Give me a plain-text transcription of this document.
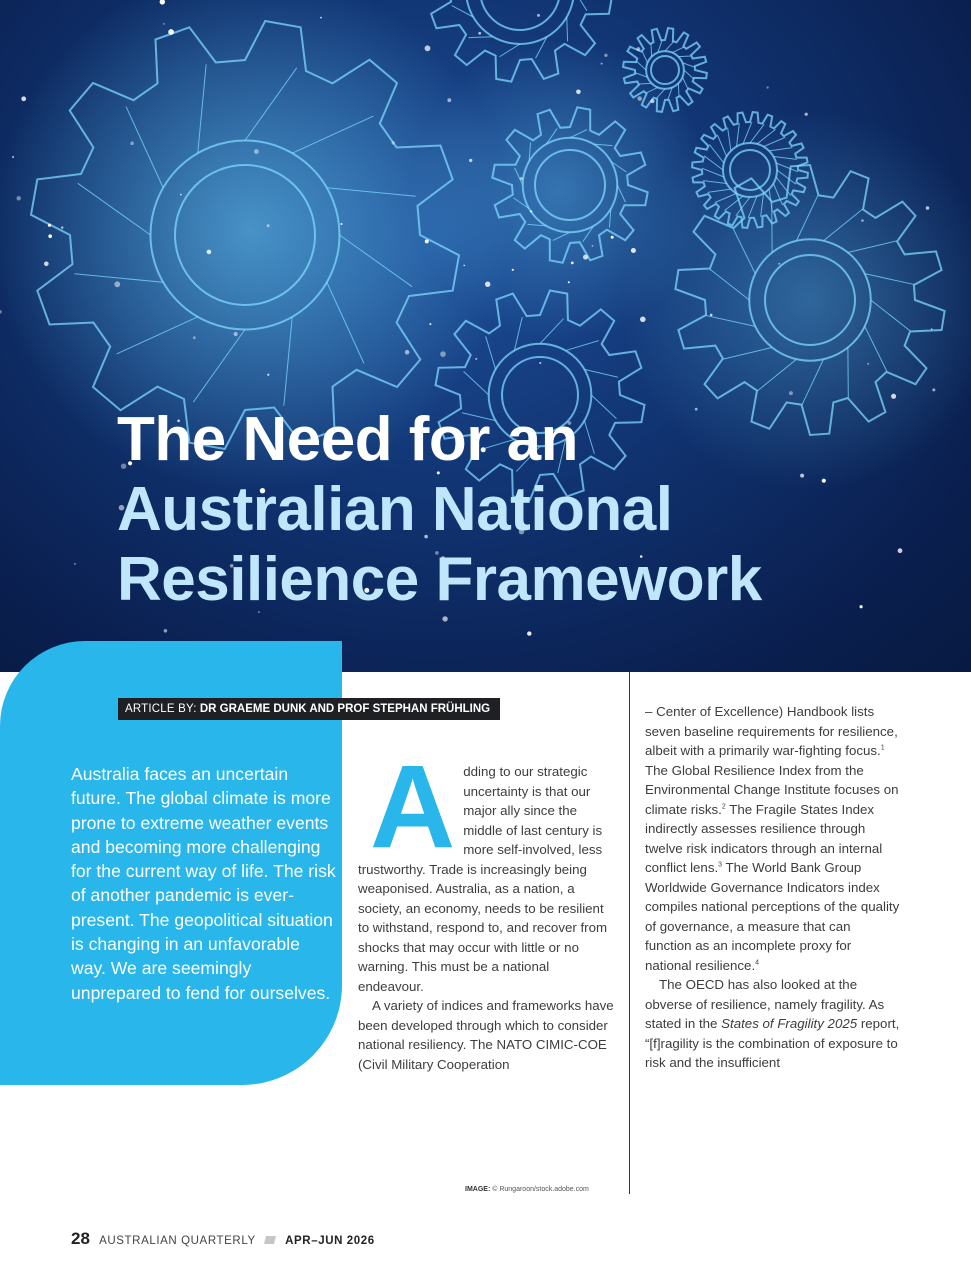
The Need for an
Australian National
Resilience Framework
ARTICLE BY: DR GRAEME DUNK AND PROF STEPHAN FRÜHLING

Australia faces an uncertain future. The global climate is more prone to extreme weather events and becoming more challenging for the current way of life. The risk of another pandemic is ever-present. The geopolitical situation is changing in an unfavorable way. We are seemingly unprepared to fend for ourselves.

Adding to our strategic uncertainty is that our major ally since the middle of last century is more self-involved, less trustworthy. Trade is increasingly being weaponised. Australia, as a nation, a society, an economy, needs to be resilient to withstand, respond to, and recover from shocks that may occur with little or no warning. This must be a national endeavour.

A variety of indices and frameworks have been developed through which to consider national resiliency. The NATO CIMIC-COE (Civil Military Cooperation

– Center of Excellence) Handbook lists seven baseline requirements for resilience, albeit with a primarily war-fighting focus.$^1$ The Global Resilience Index from the Environmental Change Institute focuses on climate risks.$^2$ The Fragile States Index indirectly assesses resilience through twelve risk indicators through an internal conflict lens.$^3$ The World Bank Group Worldwide Governance Indicators index compiles national perceptions of the quality of governance, a measure that can function as an incomplete proxy for national resilience.$^4$

The OECD has also looked at the obverse of resilience, namely fragility. As stated in the States of Fragility 2025 report, “[f]ragility is the combination of exposure to risk and the insufficient

IMAGE: © Rungaroon/stock.adobe.com
28 AUSTRALIAN QUARTERLY	APR–JUN 2026
